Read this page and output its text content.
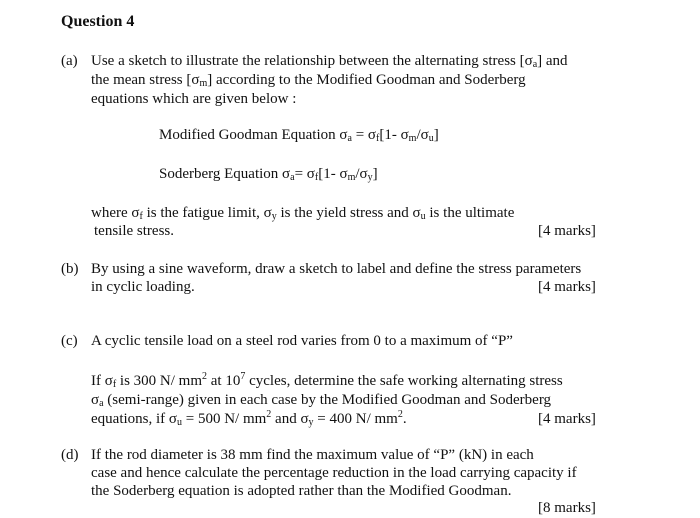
Question 4
(a) Use a sketch to illustrate the relationship between the alternating stress $[\sigma_a]$ and
the mean stress $[\sigma_m]$ according to the Modified Goodman and Soderberg
equations which are given below :
Modified Goodman Equation $\sigma_a = \sigma_f[1-$ $\sigma_m/\sigma_u$]
Soderberg Equation $\sigma_a= \sigma_f[1-$ $\sigma_m/\sigma_y$]
where $\sigma_f$ is the fatigue limit, $\sigma_y$ is the yield stress and $\sigma_u$ is the ultimate
tensile stress.	[4 marks]
(b) By using a sine waveform, draw a sketch to label and define the stress parameters
in cyclic loading.	[4 marks]
(c) A cyclic tensile load on a steel rod varies from 0 to a maximum of “P”
If $\sigma_f$ is 300 N/ $mm^2$ at $10^7$ cycles, determine the safe working alternating stress
$\sigma_a$ (semi-range) given in each case by the Modified Goodman and Soderberg
equations, if $\sigma_u = 500$ N/ $mm^2$ and $\sigma_y = 400$ N/ $mm^2$.	[4 marks]
(d) If the rod diameter is 38 mm find the maximum value of “P” (kN) in each
case and hence calculate the percentage reduction in the load carrying capacity if
the Soderberg equation is adopted rather than the Modified Goodman.
[8 marks]
